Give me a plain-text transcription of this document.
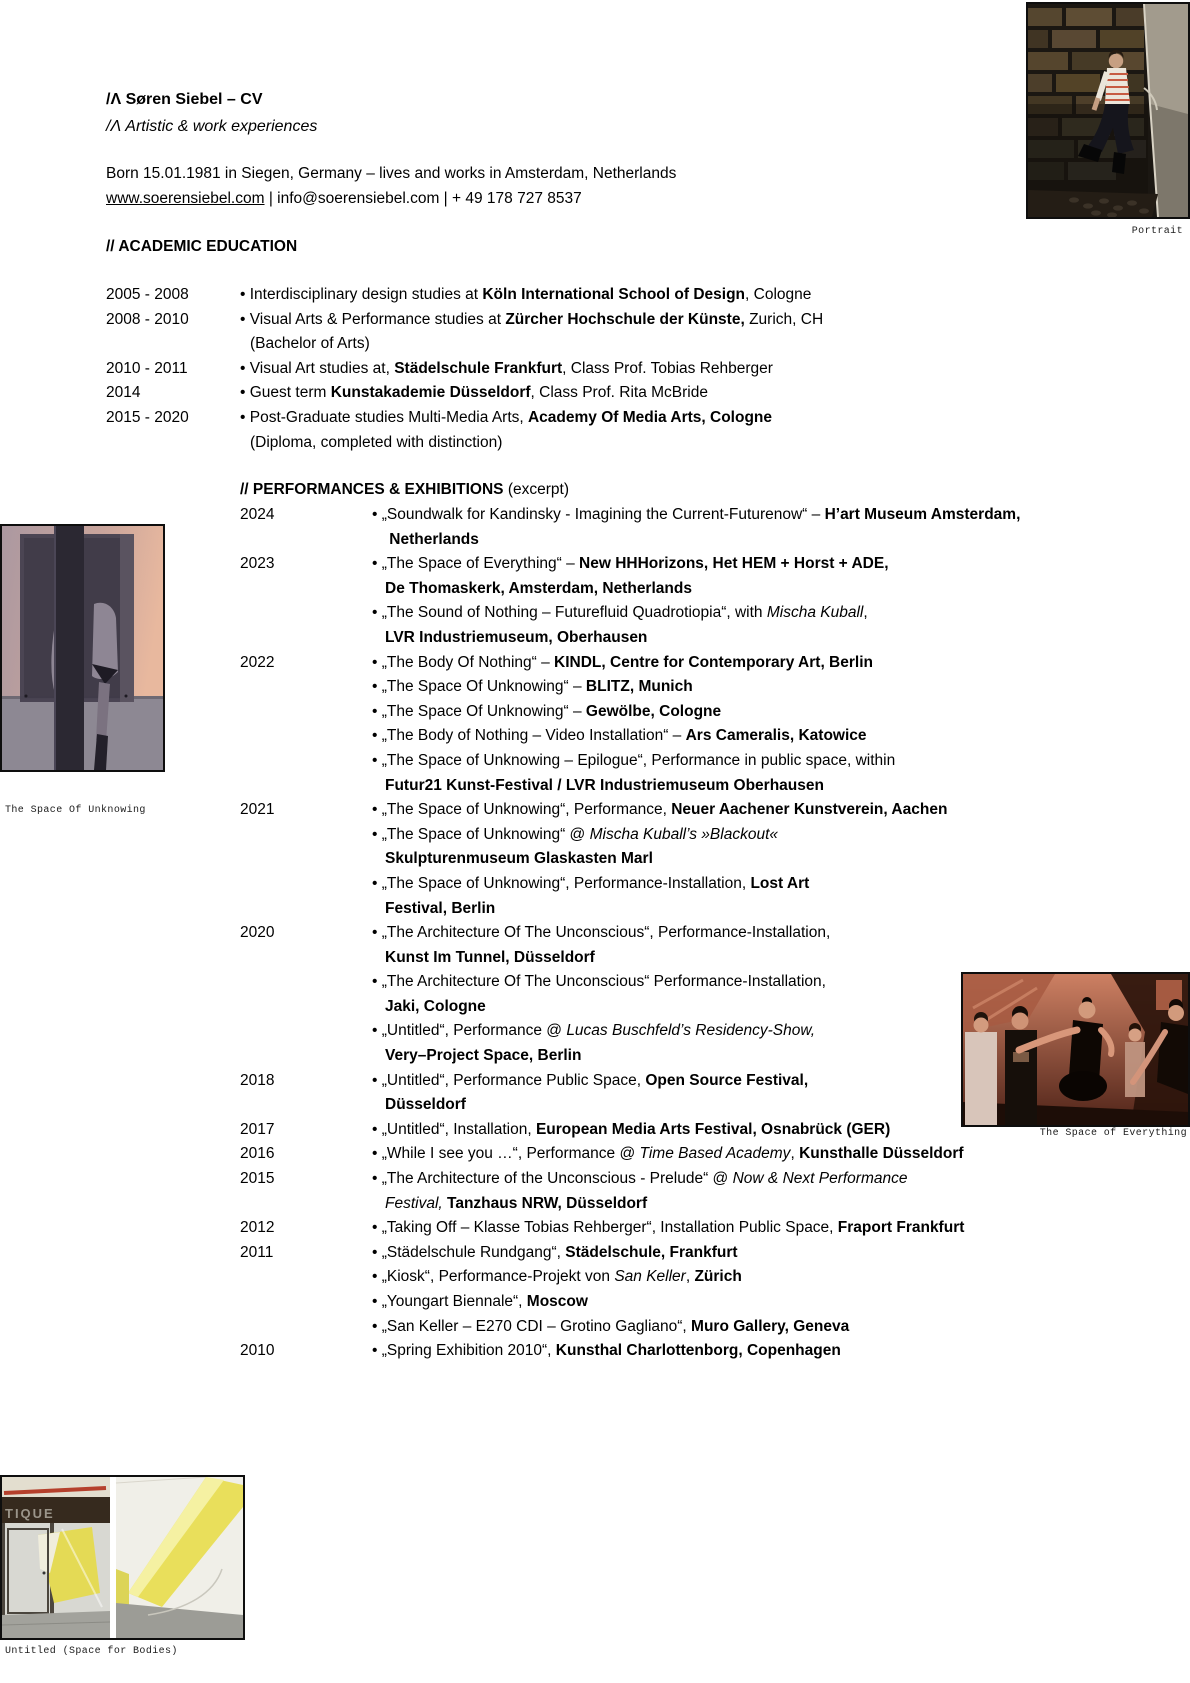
/Λ Søren Siebel – CV
/Λ Artistic & work experiences
Born 15.01.1981 in Siegen, Germany – lives and works in Amsterdam, Netherlands
www.soerensiebel.com | info@soerensiebel.com | + 49 178 727 8537
// ACADEMIC EDUCATION
2005 - 2008	• Interdisciplinary design studies at Köln International School of Design, Cologne
2008 - 2010	• Visual Arts & Performance studies at Zürcher Hochschule der Künste, Zurich, CH
(Bachelor of Arts)
2010 - 2011	• Visual Art studies at, Städelschule Frankfurt, Class Prof. Tobias Rehberger
2014	• Guest term Kunstakademie Düsseldorf, Class Prof. Rita McBride
2015 - 2020	• Post-Graduate studies Multi-Media Arts, Academy Of Media Arts, Cologne
(Diploma, completed with distinction)
// PERFORMANCES & EXHIBITIONS (excerpt)
2024	• „Soundwalk for Kandinsky - Imagining the Current-Futurenow“ – H’art Museum Amsterdam,
Netherlands
2023	• „The Space of Everything“ – New HHHorizons, Het HEM + Horst + ADE,
De Thomaskerk, Amsterdam, Netherlands
• „The Sound of Nothing – Futurefluid Quadrotiopia“, with Mischa Kuball,
LVR Industriemuseum, Oberhausen
2022	• „The Body Of Nothing“ – KINDL, Centre for Contemporary Art, Berlin
• „The Space Of Unknowing“ – BLITZ, Munich
• „The Space Of Unknowing“ – Gewölbe, Cologne
• „The Body of Nothing – Video Installation“ – Ars Cameralis, Katowice
• „The Space of Unknowing – Epilogue“, Performance in public space, within
Futur21 Kunst-Festival / LVR Industriemuseum Oberhausen
2021	• „The Space of Unknowing“, Performance, Neuer Aachener Kunstverein, Aachen
• „The Space of Unknowing“ @ Mischa Kuball’s »Blackout«
Skulpturenmuseum Glaskasten Marl
• „The Space of Unknowing“, Performance-Installation, Lost Art
Festival, Berlin
2020	• „The Architecture Of The Unconscious“, Performance-Installation,
Kunst Im Tunnel, Düsseldorf
• „The Architecture Of The Unconscious“ Performance-Installation,
Jaki, Cologne
• „Untitled“, Performance @ Lucas Buschfeld’s Residency-Show,
Very–Project Space, Berlin
2018	• „Untitled“, Performance Public Space, Open Source Festival,
Düsseldorf
2017	• „Untitled“, Installation, European Media Arts Festival, Osnabrück (GER)
2016	• „While I see you …“, Performance @ Time Based Academy, Kunsthalle Düsseldorf
2015	• „The Architecture of the Unconscious - Prelude“ @ Now & Next Performance
Festival, Tanzhaus NRW, Düsseldorf
2012	• „Taking Off – Klasse Tobias Rehberger“, Installation Public Space, Fraport Frankfurt
2011	• „Städelschule Rundgang“, Städelschule, Frankfurt
• „Kiosk“, Performance-Projekt von San Keller, Zürich
• „Youngart Biennale“, Moscow
• „San Keller – E270 CDI – Grotino Gagliano“, Muro Gallery, Geneva
2010	• „Spring Exhibition 2010“, Kunsthal Charlottenborg, Copenhagen
Portrait
The Space Of Unknowing
The Space of Everything
TIQUE
Untitled (Space for Bodies)
